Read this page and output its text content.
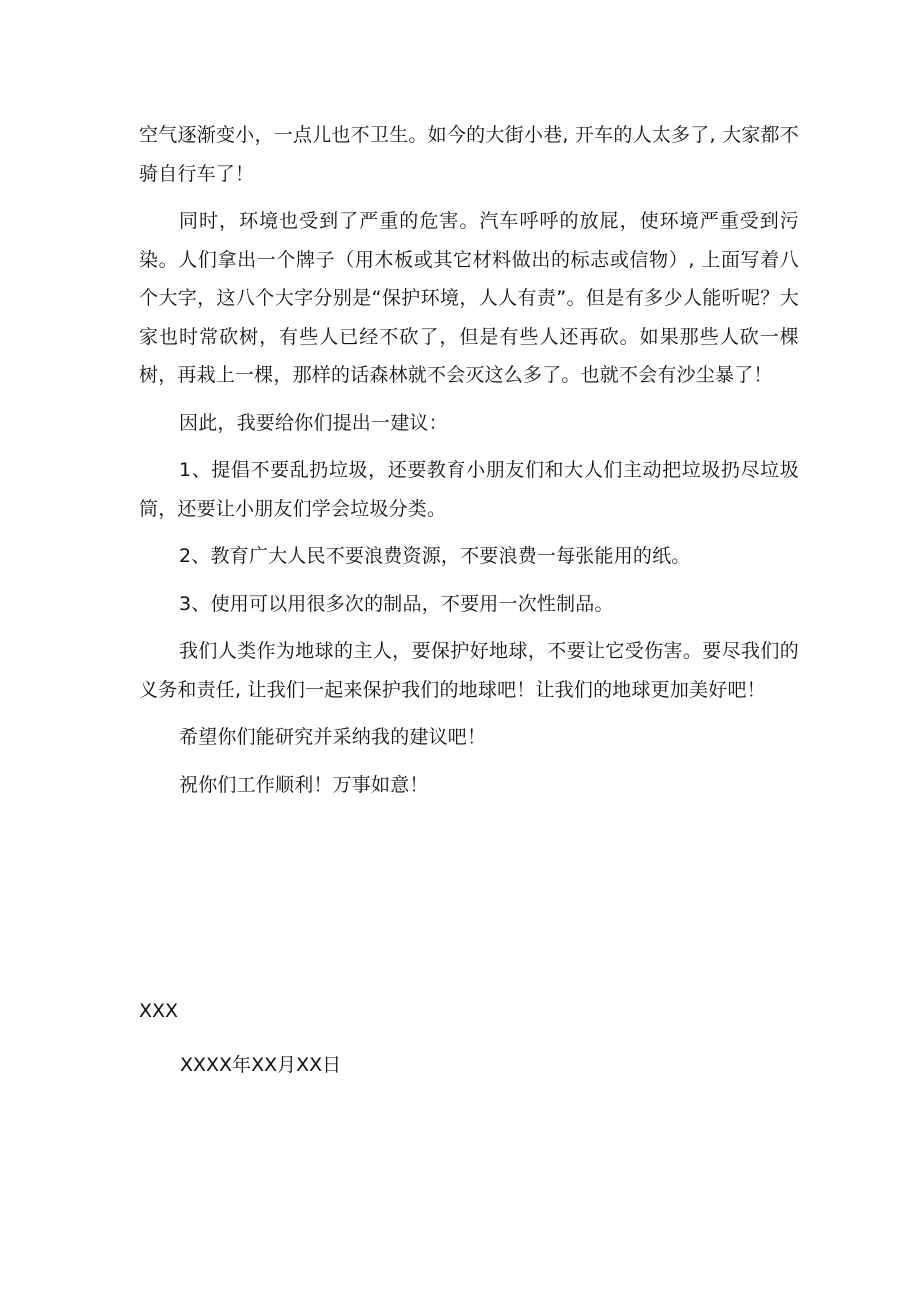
空气逐渐变小，一点儿也不卫生。如今的大街小巷, 开车的人太多了, 大家都不骑自行车了！

同时，环境也受到了严重的危害。汽车呼呼的放屁，使环境严重受到污染。人们拿出一个牌子（用木板或其它材料做出的标志或信物）, 上面写着八个大字，这八个大字分别是“保护环境，人人有责”。但是有多少人能听呢？大家也时常砍树，有些人已经不砍了，但是有些人还再砍。如果那些人砍一棵树，再栽上一棵，那样的话森林就不会灭这么多了。也就不会有沙尘暴了！

因此，我要给你们提出一建议：

1、提倡不要乱扔垃圾，还要教育小朋友们和大人们主动把垃圾扔尽垃圾筒，还要让小朋友们学会垃圾分类。

2、教育广大人民不要浪费资源，不要浪费一每张能用的纸。

3、使用可以用很多次的制品，不要用一次性制品。

我们人类作为地球的主人，要保护好地球，不要让它受伤害。要尽我们的义务和责任, 让我们一起来保护我们的地球吧！让我们的地球更加美好吧！

希望你们能研究并采纳我的建议吧！

祝你们工作顺利！万事如意！

XXX

XXXX年XX月XX日
